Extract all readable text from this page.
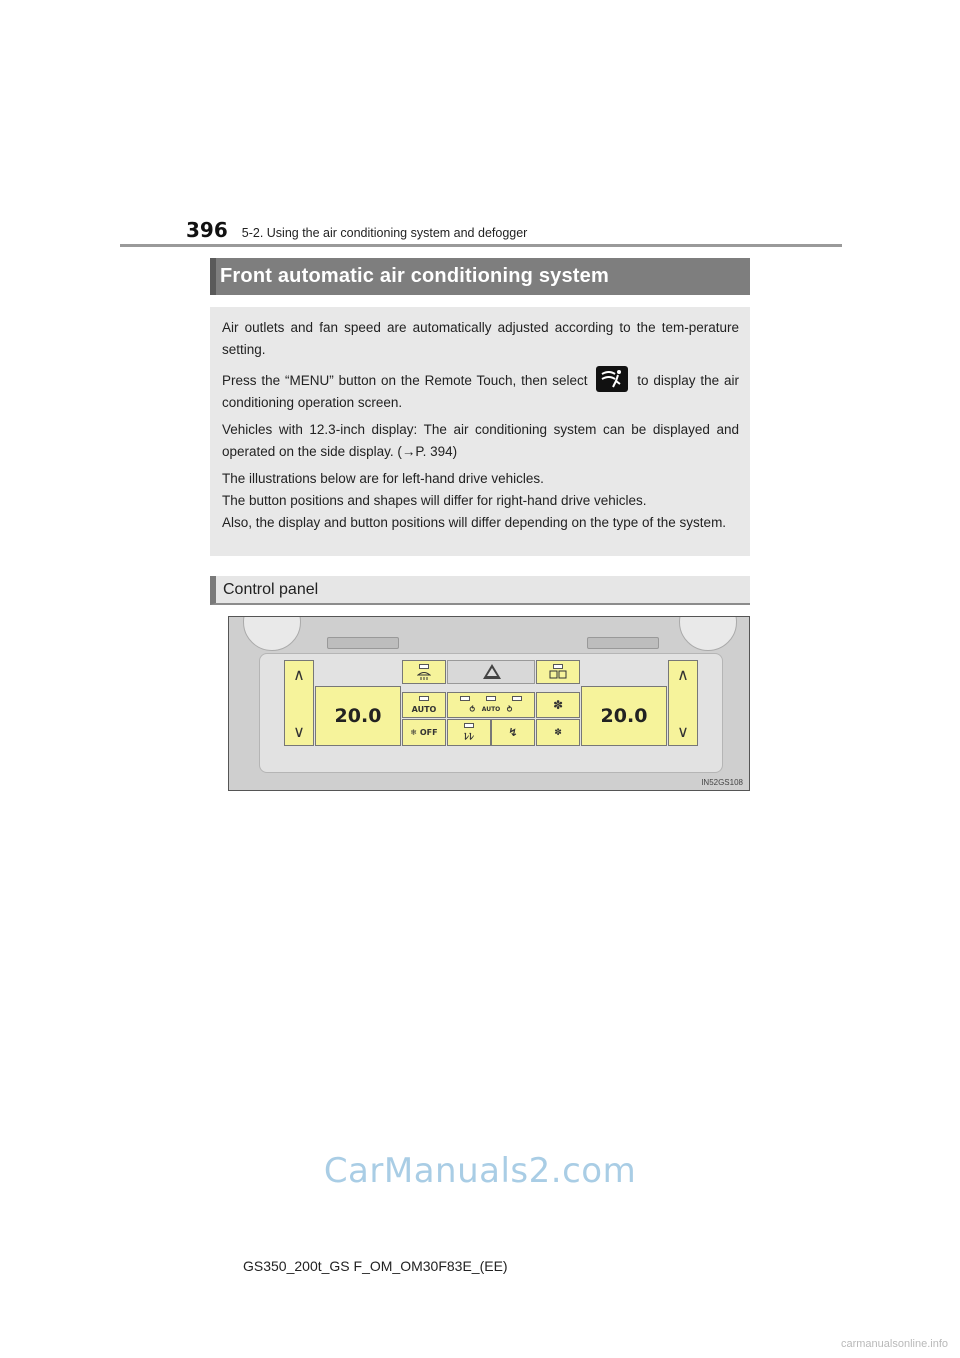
396 5-2. Using the air conditioning system and defogger
Front automatic air conditioning system

Air outlets and fan speed are automatically adjusted according to the tem-perature setting.

Press the “MENU” button on the Remote Touch, then select	to display the air conditioning operation screen.

Vehicles with 12.3-inch display: The air conditioning system can be displayed and operated on the side display. (→P. 394)

The illustrations below are for left-hand drive vehicles.

The button positions and shapes will differ for right-hand drive vehicles.

Also, the display and button positions will differ depending on the type of the system.

Control panel
∧
∨
20.0	AUTO	⥀ AUTO ⥁	✽
❄ OFF	ﾚﾚ	↯	✽
20.0
∧
∨
IN52GS108
CarManuals2.com
GS350_200t_GS F_OM_OM30F83E_(EE)
carmanualsonline.info
